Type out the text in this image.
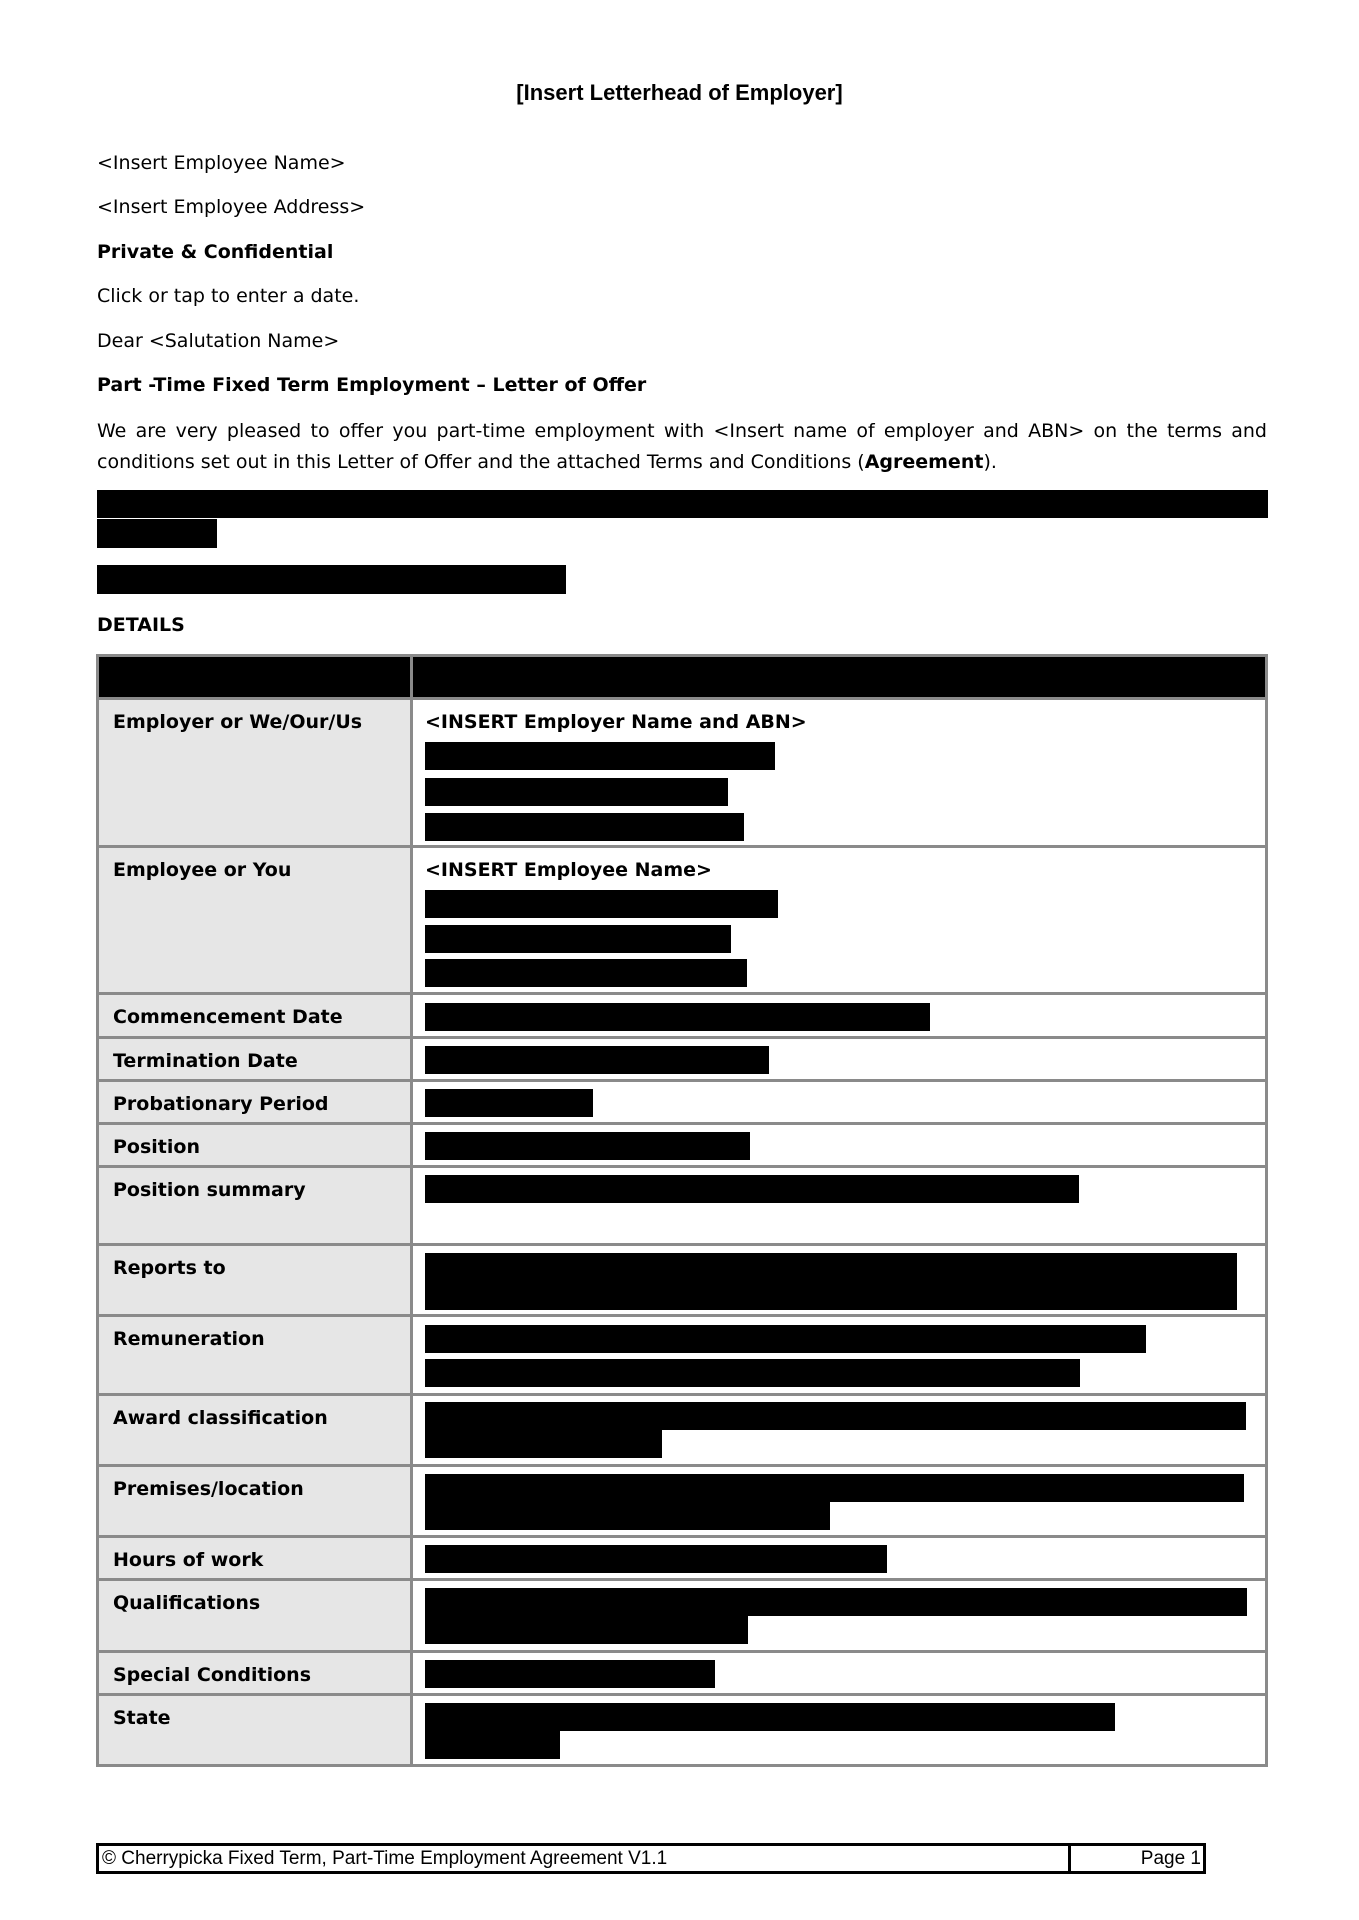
[Insert Letterhead of Employer]
<Insert Employee Name>
<Insert Employee Address>
Private & Confidential
Click or tap to enter a date.
Dear <Salutation Name>
Part -Time Fixed Term Employment – Letter of Offer
We are very pleased to offer you part-time employment with <Insert name of employer and ABN> on the terms and conditions set out in this Letter of Offer and the attached Terms and Conditions (Agreement).
DETAILS

Employer or We/Our/Us	<INSERT Employer Name and ABN>

Employee or You	<INSERT Employee Name>

Commencement Date	

Termination Date	

Probationary Period	

Position	

Position summary	

Reports to	

Remuneration	

Award classification	

Premises/location	

Hours of work	

Qualifications	

Special Conditions	

State	

© Cherrypicka Fixed Term, Part-Time Employment Agreement V1.1	Page 1
